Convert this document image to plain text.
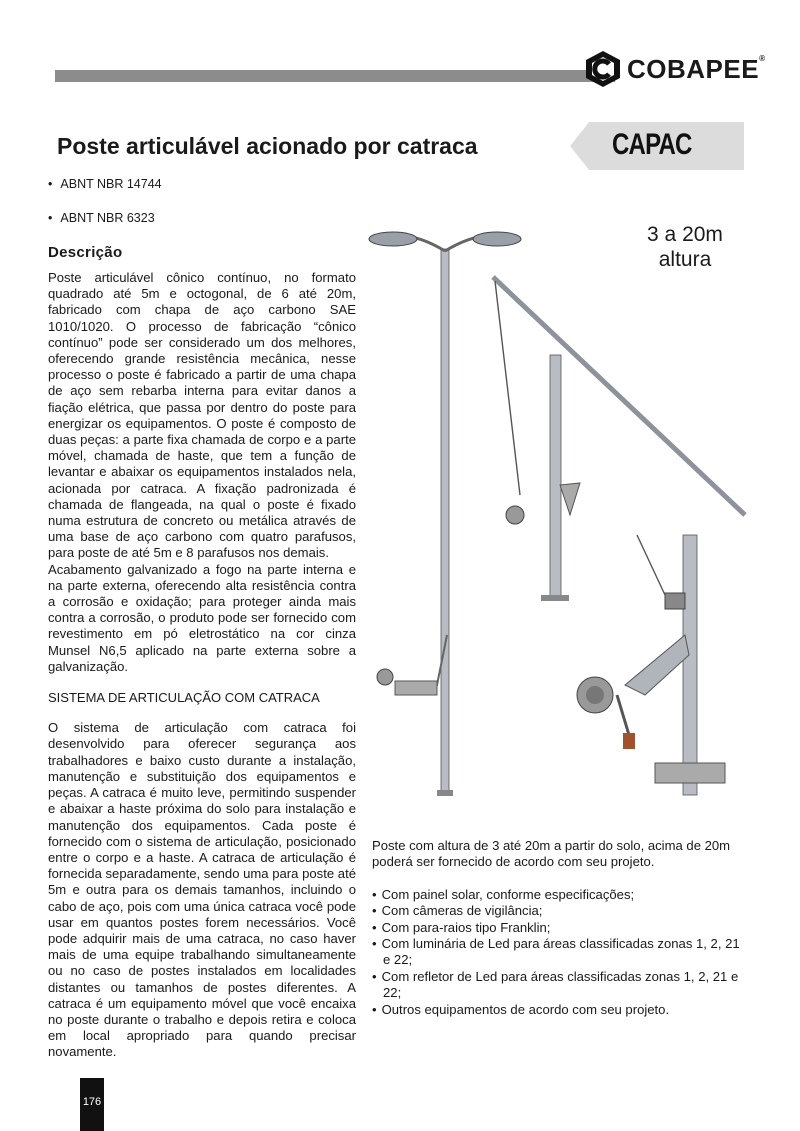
COBAPEE®
Poste articulável acionado por catraca	CAPAC
• ABNT NBR 14744
• ABNT NBR 6323
Descrição

Poste articulável cônico contínuo, no formato quadrado até 5m e octogonal, de 6 até 20m, fabricado com chapa de aço carbono SAE 1010/1020. O processo de fabricação “cônico contínuo” pode ser considerado um dos melhores, oferecendo grande resistência mecânica, nesse processo o poste é fabricado a partir de uma chapa de aço sem rebarba interna para evitar danos a fiação elétrica, que passa por dentro do poste para energizar os equipamentos. O poste é composto de duas peças: a parte fixa chamada de corpo e a parte móvel, chamada de haste, que tem a função de levantar e abaixar os equipamentos instalados nela, acionada por catraca. A fixação padronizada é chamada de flangeada, na qual o poste é fixado numa estrutura de concreto ou metálica através de uma base de aço carbono com quatro parafusos, para poste de até 5m e 8 parafusos nos demais.

Acabamento galvanizado a fogo na parte interna e na parte externa, oferecendo alta resistência contra a corrosão e oxidação; para proteger ainda mais contra a corrosão, o produto pode ser fornecido com revestimento em pó eletrostático na cor cinza Munsel N6,5 aplicado na parte externa sobre a galvanização.

SISTEMA DE ARTICULAÇÃO COM CATRACA

O sistema de articulação com catraca foi desenvolvido para oferecer segurança aos trabalhadores e baixo custo durante a instalação, manutenção e substituição dos equipamentos e peças. A catraca é muito leve, permitindo suspender e abaixar a haste próxima do solo para instalação e manutenção dos equipamentos. Cada poste é fornecido com o sistema de articulação, posicionado entre o corpo e a haste. A catraca de articulação é fornecida separadamente, sendo uma para poste até 5m e outra para os demais tamanhos, incluindo o cabo de aço, pois com uma única catraca você pode usar em quantos postes forem necessários. Você pode adquirir mais de uma catraca, no caso haver mais de uma equipe trabalhando simultaneamente ou no caso de postes instalados em localidades distantes ou tamanhos de postes diferentes. A catraca é um equipamento móvel que você encaixa no poste durante o trabalho e depois retira e coloca em local apropriado para quando precisar novamente.

3 a 20m
altura

Poste com altura de 3 até 20m a partir do solo, acima de 20m poderá ser fornecido de acordo com seu projeto.

• Com painel solar, conforme especificações;
• Com câmeras de vigilância;
• Com para-raios tipo Franklin;
• Com luminária de Led para áreas classificadas zonas 1, 2, 21 e 22;
• Com refletor de Led para áreas classificadas zonas 1, 2, 21 e 22;
• Outros equipamentos de acordo com seu projeto.
176
